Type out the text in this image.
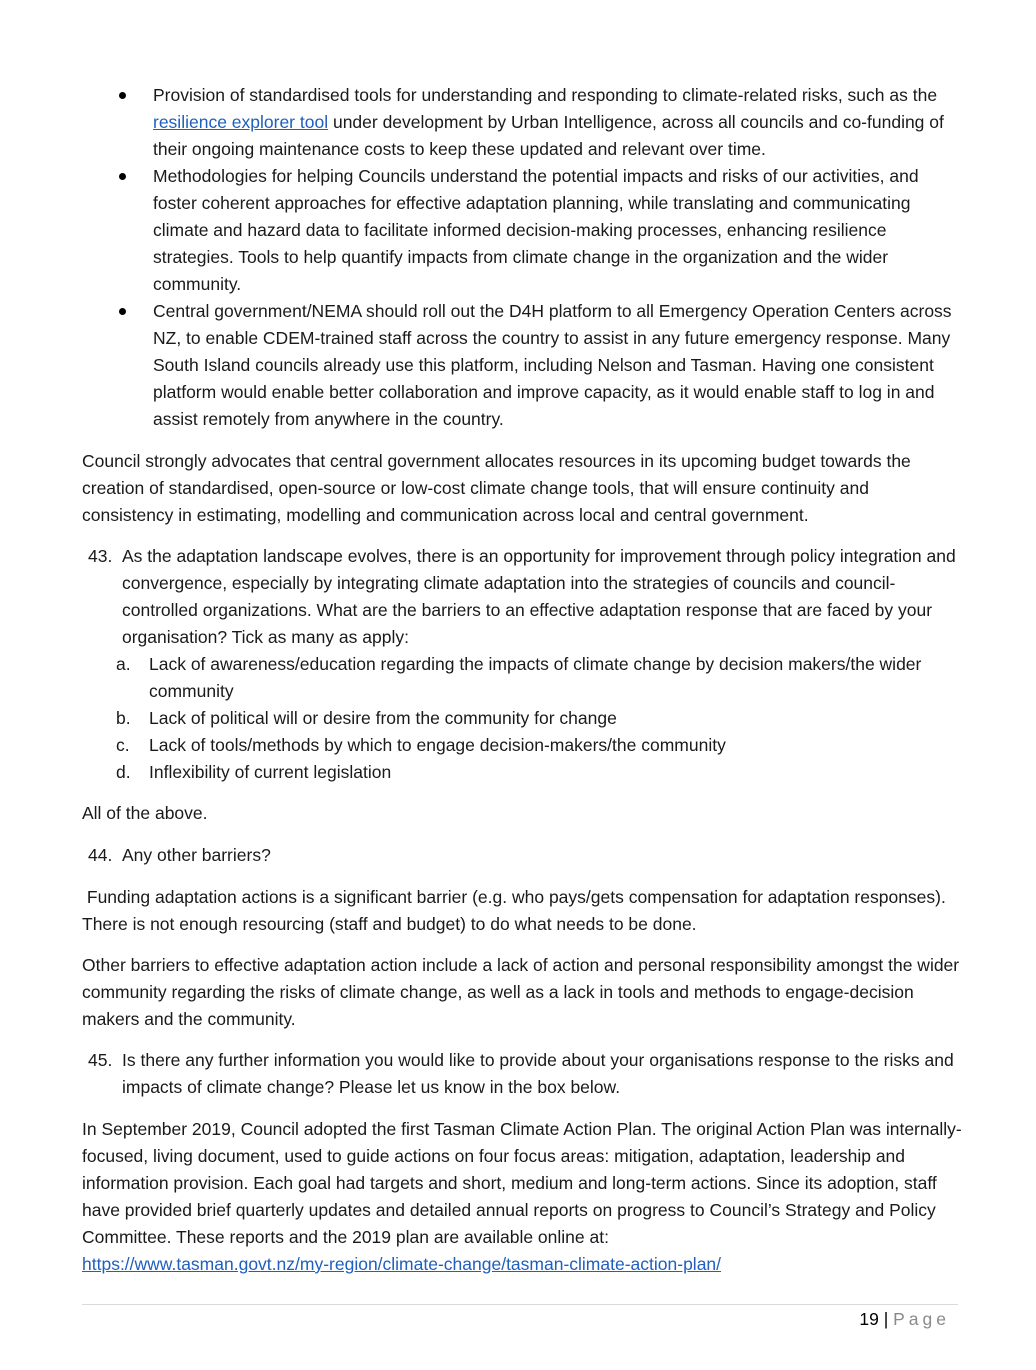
Provision of standardised tools for understanding and responding to climate-related risks, such as the resilience explorer tool under development by Urban Intelligence, across all councils and co-funding of their ongoing maintenance costs to keep these updated and relevant over time.
Methodologies for helping Councils understand the potential impacts and risks of our activities, and foster coherent approaches for effective adaptation planning, while translating and communicating climate and hazard data to facilitate informed decision-making processes, enhancing resilience strategies. Tools to help quantify impacts from climate change in the organization and the wider community.
Central government/NEMA should roll out the D4H platform to all Emergency Operation Centers across NZ, to enable CDEM-trained staff across the country to assist in any future emergency response. Many South Island councils already use this platform, including Nelson and Tasman. Having one consistent platform would enable better collaboration and improve capacity, as it would enable staff to log in and assist remotely from anywhere in the country.

Council strongly advocates that central government allocates resources in its upcoming budget towards the creation of standardised, open-source or low-cost climate change tools, that will ensure continuity and consistency in estimating, modelling and communication across local and central government.

43. As the adaptation landscape evolves, there is an opportunity for improvement through policy integration and convergence, especially by integrating climate adaptation into the strategies of councils and council-controlled organizations. What are the barriers to an effective adaptation response that are faced by your organisation? Tick as many as apply:
a. Lack of awareness/education regarding the impacts of climate change by decision makers/the wider community
b. Lack of political will or desire from the community for change
c. Lack of tools/methods by which to engage decision-makers/the community
d. Inflexibility of current legislation

All of the above.

44. Any other barriers?

Funding adaptation actions is a significant barrier (e.g. who pays/gets compensation for adaptation responses). There is not enough resourcing (staff and budget) to do what needs to be done.

Other barriers to effective adaptation action include a lack of action and personal responsibility amongst the wider community regarding the risks of climate change, as well as a lack in tools and methods to engage-decision makers and the community.

45. Is there any further information you would like to provide about your organisations response to the risks and impacts of climate change? Please let us know in the box below.

In September 2019, Council adopted the first Tasman Climate Action Plan. The original Action Plan was internally-focused, living document, used to guide actions on four focus areas: mitigation, adaptation, leadership and information provision. Each goal had targets and short, medium and long-term actions. Since its adoption, staff have provided brief quarterly updates and detailed annual reports on progress to Council’s Strategy and Policy Committee. These reports and the 2019 plan are available online at:
https://www.tasman.govt.nz/my-region/climate-change/tasman-climate-action-plan/

19 | Page
